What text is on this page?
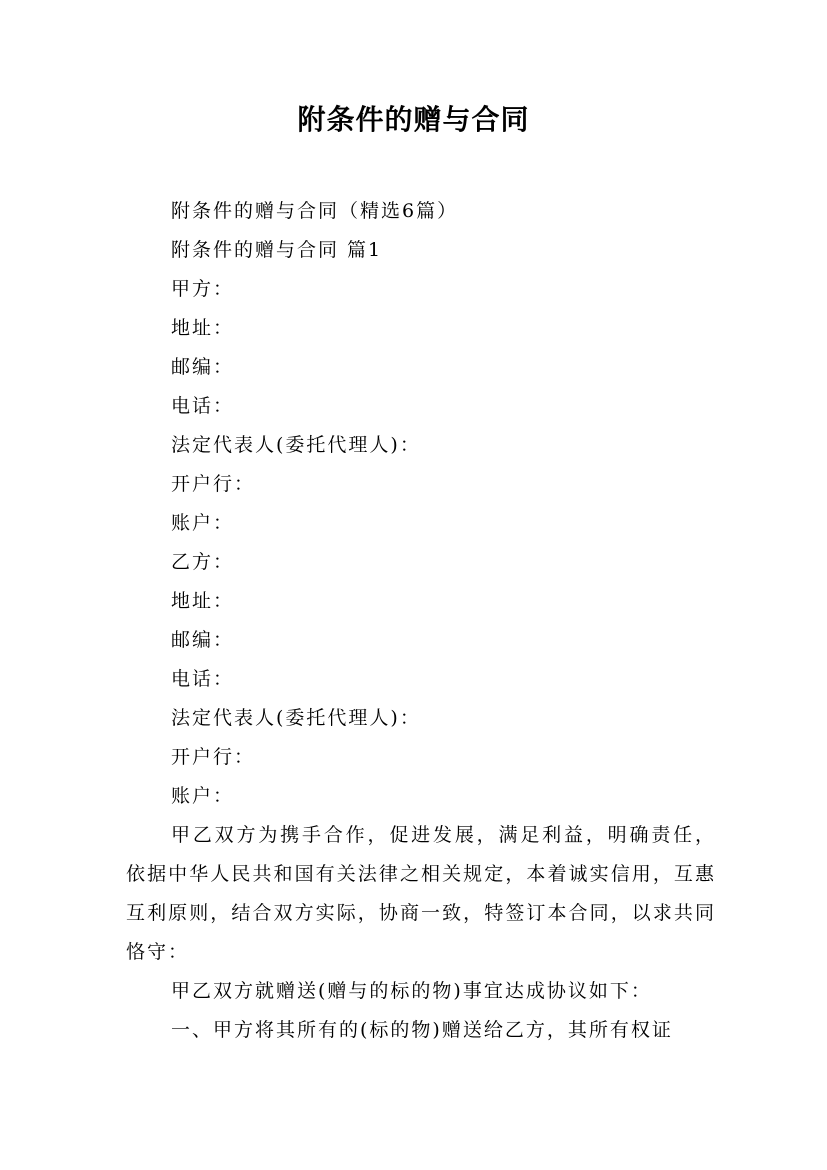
附条件的赠与合同

附条件的赠与合同（精选6篇）

附条件的赠与合同 篇1

甲方：

地址：

邮编：

电话：

法定代表人(委托代理人)：

开户行：

账户：

乙方：

地址：

邮编：

电话：

法定代表人(委托代理人)：

开户行：

账户：

甲乙双方为携手合作，促进发展，满足利益，明确责任，依据中华人民共和国有关法律之相关规定，本着诚实信用，互惠互利原则，结合双方实际，协商一致，特签订本合同，以求共同恪守：

甲乙双方就赠送(赠与的标的物)事宜达成协议如下：

一、甲方将其所有的(标的物)赠送给乙方，其所有权证
